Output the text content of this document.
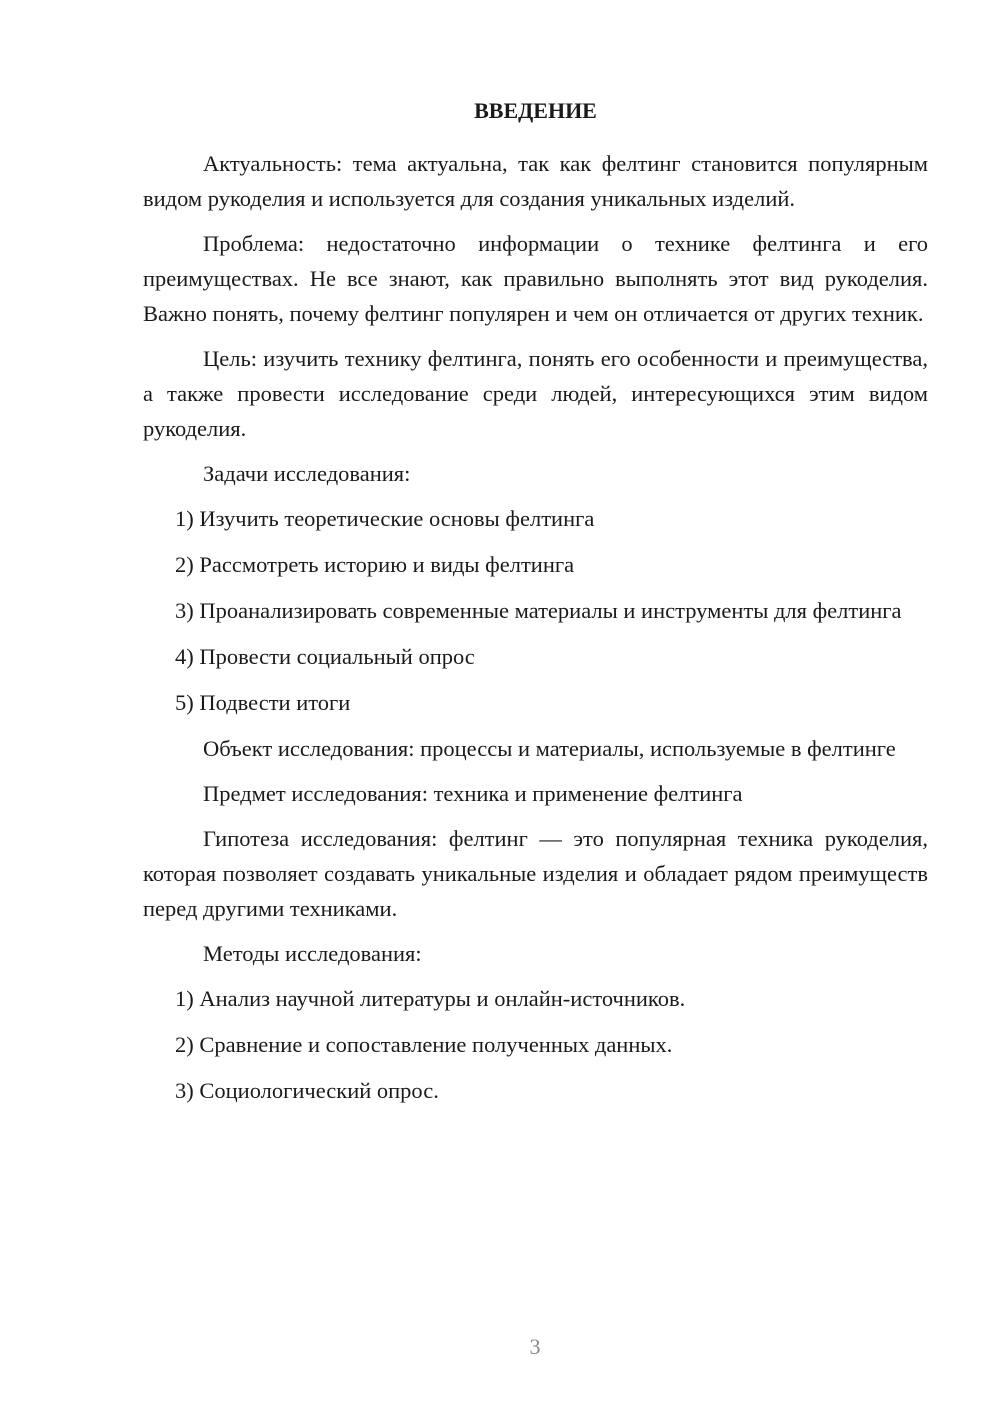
ВВЕДЕНИЕ

Актуальность: тема актуальна, так как фелтинг становится популярным видом рукоделия и используется для создания уникальных изделий.

Проблема: недостаточно информации о технике фелтинга и его преимуществах. Не все знают, как правильно выполнять этот вид рукоделия. Важно понять, почему фелтинг популярен и чем он отличается от других техник.

Цель: изучить технику фелтинга, понять его особенности и преимущества, а также провести исследование среди людей, интересующихся этим видом рукоделия.

Задачи исследования:

1) Изучить теоретические основы фелтинга

2) Рассмотреть историю и виды фелтинга

3) Проанализировать современные материалы и инструменты для фелтинга

4) Провести социальный опрос

5) Подвести итоги

Объект исследования: процессы и материалы, используемые в фелтинге

Предмет исследования: техника и применение фелтинга

Гипотеза исследования: фелтинг — это популярная техника рукоделия, которая позволяет создавать уникальные изделия и обладает рядом преимуществ перед другими техниками.

Методы исследования:

1) Анализ научной литературы и онлайн-источников.

2) Сравнение и сопоставление полученных данных.

3) Социологический опрос.

3
